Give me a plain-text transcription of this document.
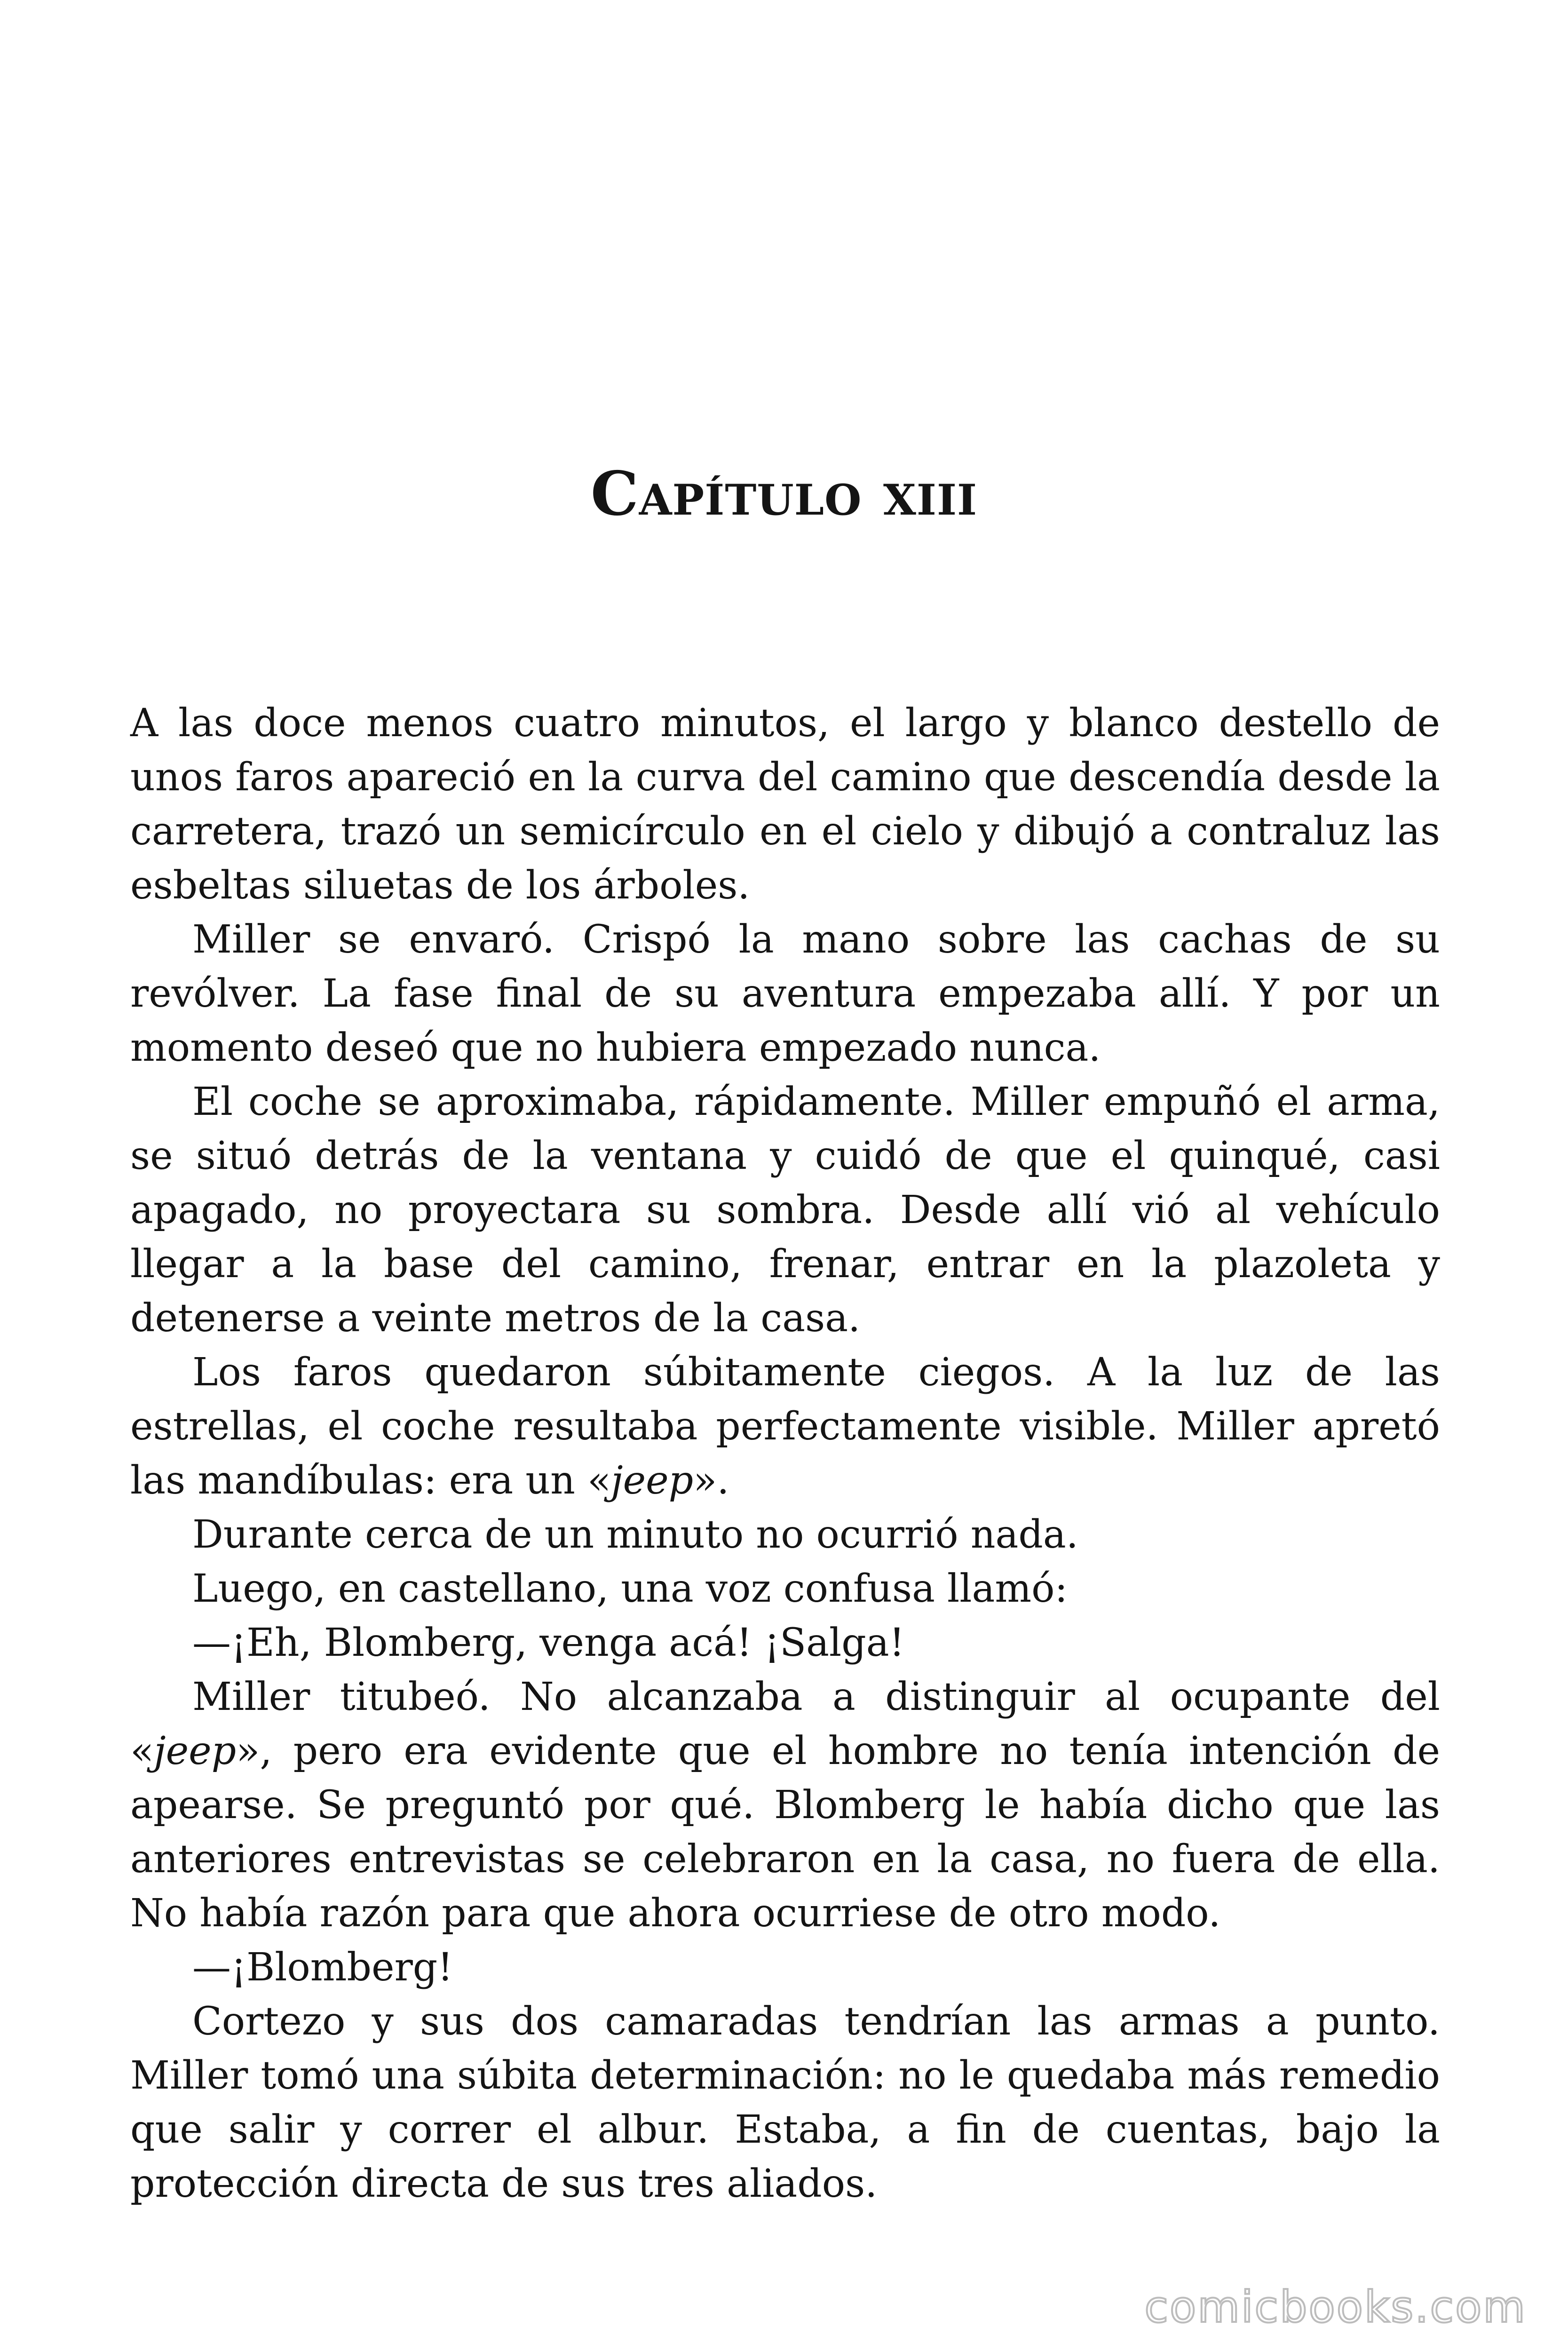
Capítulo xiii

A las doce menos cuatro minutos, el largo y blanco destello de unos faros apareció en la curva del camino que descendía desde la carretera, trazó un semicírculo en el cielo y dibujó a contraluz las esbeltas siluetas de los árboles.

Miller se envaró. Crispó la mano sobre las cachas de su revólver. La fase final de su aventura empezaba allí. Y por un momento deseó que no hubiera empezado nunca.

El coche se aproximaba, rápidamente. Miller empuñó el arma, se situó detrás de la ventana y cuidó de que el quinqué, casi apagado, no proyectara su sombra. Desde allí vió al vehículo llegar a la base del camino, frenar, entrar en la plazoleta y detenerse a veinte metros de la casa.

Los faros quedaron súbitamente ciegos. A la luz de las estrellas, el coche resultaba perfectamente visible. Miller apretó las mandíbulas: era un «jeep».

Durante cerca de un minuto no ocurrió nada.

Luego, en castellano, una voz confusa llamó:

—¡Eh, Blomberg, venga acá! ¡Salga!

Miller titubeó. No alcanzaba a distinguir al ocupante del «jeep», pero era evidente que el hombre no tenía intención de apearse. Se preguntó por qué. Blomberg le había dicho que las anteriores entrevistas se celebraron en la casa, no fuera de ella. No había razón para que ahora ocurriese de otro modo.

—¡Blomberg!

Cortezo y sus dos camaradas tendrían las armas a punto. Miller tomó una súbita determinación: no le quedaba más remedio que salir y correr el albur. Estaba, a fin de cuentas, bajo la protección directa de sus tres aliados.

comicbooks.com
